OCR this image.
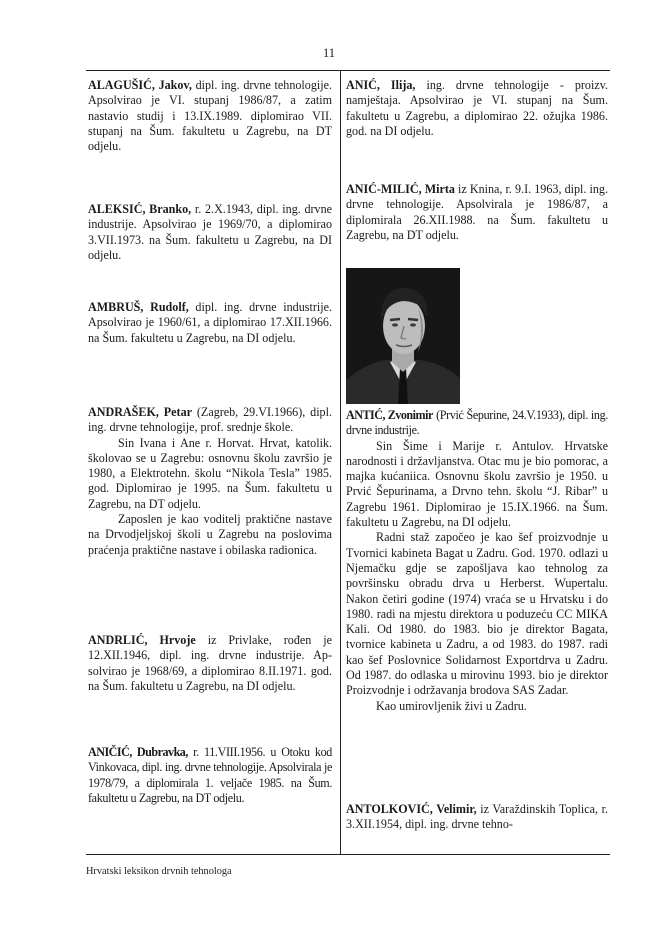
11

ALAGUŠIĆ, Jakov, dipl. ing. drvne tehnologije. Apsolvirao je VI. stupanj 1986/87, a zatim nastavio studij i 13.IX.1989. diplomirao VII. stupanj na Šum. fakultetu u Zagrebu, na DT odjelu.

ALEKSIĆ, Branko, r. 2.X.1943, dipl. ing. drvne industrije. Apsolvirao je 1969/70, a diplomirao 3.VII.1973. na Šum. fakultetu u Zagrebu, na DI odjelu.

AMBRUŠ, Rudolf, dipl. ing. drvne industrije. Apsolvirao je 1960/61, a diplomirao 17.XII.1966. na Šum. fakultetu u Zagrebu, na DI odjelu.

ANDRAŠEK, Petar (Zagreb, 29.VI.1966), dipl. ing. drvne tehnologije, prof. srednje škole.

Sin Ivana i Ane r. Horvat. Hrvat, katolik. školovao se u Zagrebu: osnovnu školu završio je 1980, a Elektrotehn. školu “Nikola Tesla” 1985. god. Diplomirao je 1995. na Šum. fakultetu u Zagrebu, na DT odjelu.

Zaposlen je kao voditelj praktične nastave na Drvodjeljskoj školi u Zagrebu na poslovima praćenja praktične nastave i obilaska radionica.

ANDRLIĆ, Hrvoje iz Privlake, rođen je 12.XII.1946, dipl. ing. drvne industrije. Apsolvirao je 1968/69, a diplomirao 8.II.1971. god. na Šum. fakultetu u Zagrebu, na DI odjelu.

ANIČIĆ, Dubravka, r. 11.VIII.1956. u Otoku kod Vinkovaca, dipl. ing. drvne tehnologije. Apsolvirala je 1978/79, a diplomirala 1. veljače 1985. na Šum. fakultetu u Zagrebu, na DT odjelu.

ANIĆ, Ilija, ing. drvne tehnologije - proizv. namještaja. Apsolvirao je VI. stupanj na Šum. fakultetu u Zagrebu, a diplomirao 22. ožujka 1986. god. na DI odjelu.

ANIĆ-MILIĆ, Mirta iz Knina, r. 9.I. 1963, dipl. ing. drvne tehnologije. Apsolvirala je 1986/87, a diplomirala 26.XII.1988. na Šum. fakultetu u Zagrebu, na DT odjelu.

ANTIĆ, Zvonimir (Prvić Šepurine, 24.V.1933), dipl. ing. drvne industrije.

Sin Šime i Marije r. Antulov. Hrvatske narodnosti i državljanstva. Otac mu je bio pomorac, a majka kućaniica. Osnovnu školu završio je 1950. u Prvić Šepurinama, a Drvno tehn. školu “J. Ribar” u Zagrebu 1961. Diplomirao je 15.IX.1966. na Šum. fakultetu u Zagrebu, na DI odjelu.

Radni staž započeo je kao šef proizvodnje u Tvornici kabineta Bagat u Zadru. God. 1970. odlazi u Njemačku gdje se zapošljava kao tehnolog za površinsku obradu drva u Herberst. Wupertalu. Nakon četiri godine (1974) vraća se u Hrvatsku i do 1980. radi na mjestu direktora u poduzeću CC MIKA Kali. Od 1980. do 1983. bio je direktor Bagata, tvornice kabineta u Zadru, a od 1983. do 1987. radi kao šef Poslovnice Solidarnost Exportdrva u Zadru. Od 1987. do odlaska u mirovinu 1993. bio je direktor Proizvodnje i održavanja brodova SAS Zadar.

Kao umirovljenik živi u Zadru.

ANTOLKOVIĆ, Velimir, iz Varaždinskih Toplica, r. 3.XII.1954, dipl. ing. drvne tehno-

Hrvatski leksikon drvnih tehnologa
